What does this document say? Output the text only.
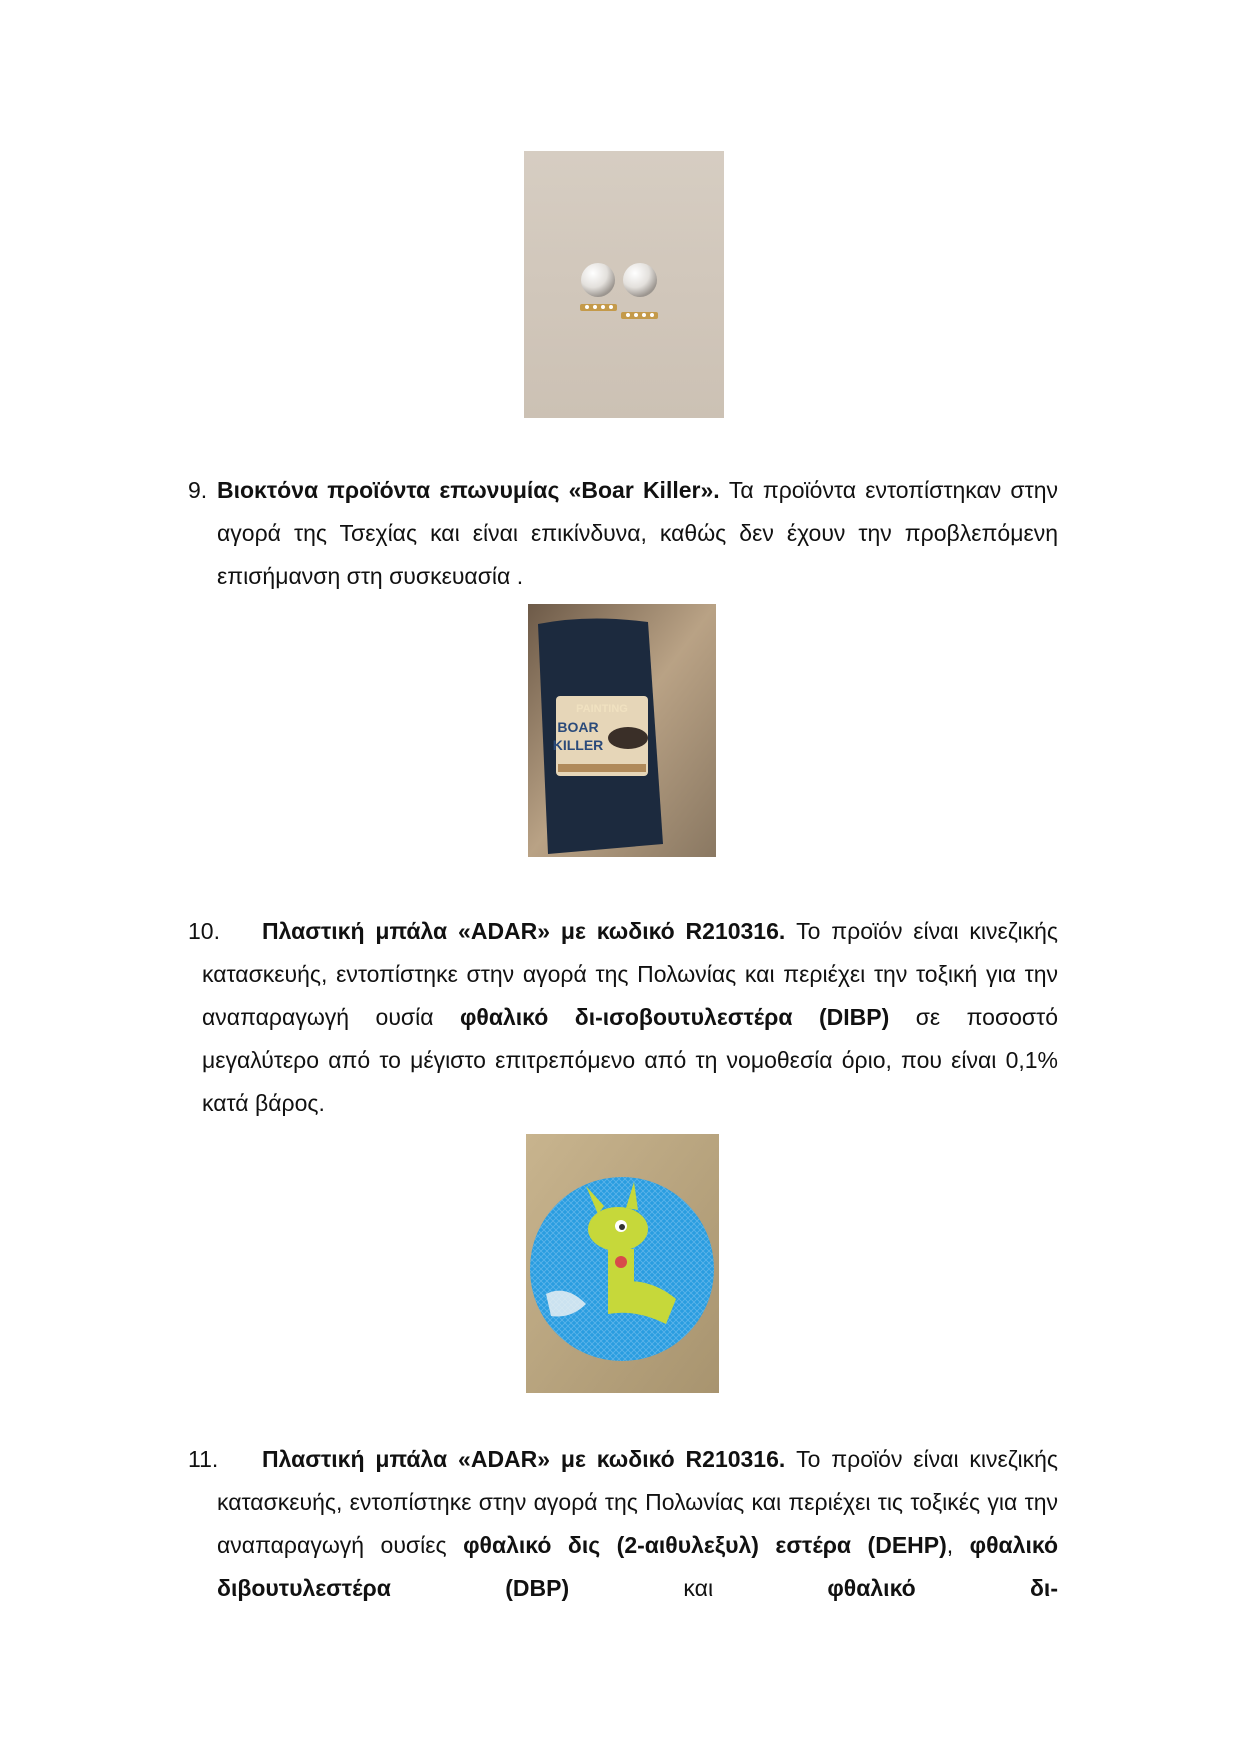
9. Βιοκτόνα προϊόντα επωνυμίας «Boar Killer». Τα προϊόντα εντοπίστηκαν στην αγορά της Τσεχίας και είναι επικίνδυνα, καθώς δεν έχουν την προβλεπόμενη επισήμανση στη συσκευασία .
PAINTING
BOAR
KILLER
10.	Πλαστική μπάλα «ADAR» με κωδικό R210316. Το προϊόν είναι κινεζικής κατασκευής, εντοπίστηκε στην αγορά της Πολωνίας και περιέχει την τοξική για την αναπαραγωγή ουσία φθαλικό δι-ισοβουτυλεστέρα (DIBP) σε ποσοστό μεγαλύτερο από το μέγιστο επιτρεπόμενο από τη νομοθεσία όριο, που είναι 0,1% κατά βάρος.
11.	Πλαστική μπάλα «ADAR» με κωδικό R210316. Το προϊόν είναι κινεζικής κατασκευής, εντοπίστηκε στην αγορά της Πολωνίας και περιέχει τις τοξικές για την αναπαραγωγή ουσίες φθαλικό δις (2-αιθυλεξυλ) εστέρα (DEHP), φθαλικό διβουτυλεστέρα (DBP) και φθαλικό δι-
